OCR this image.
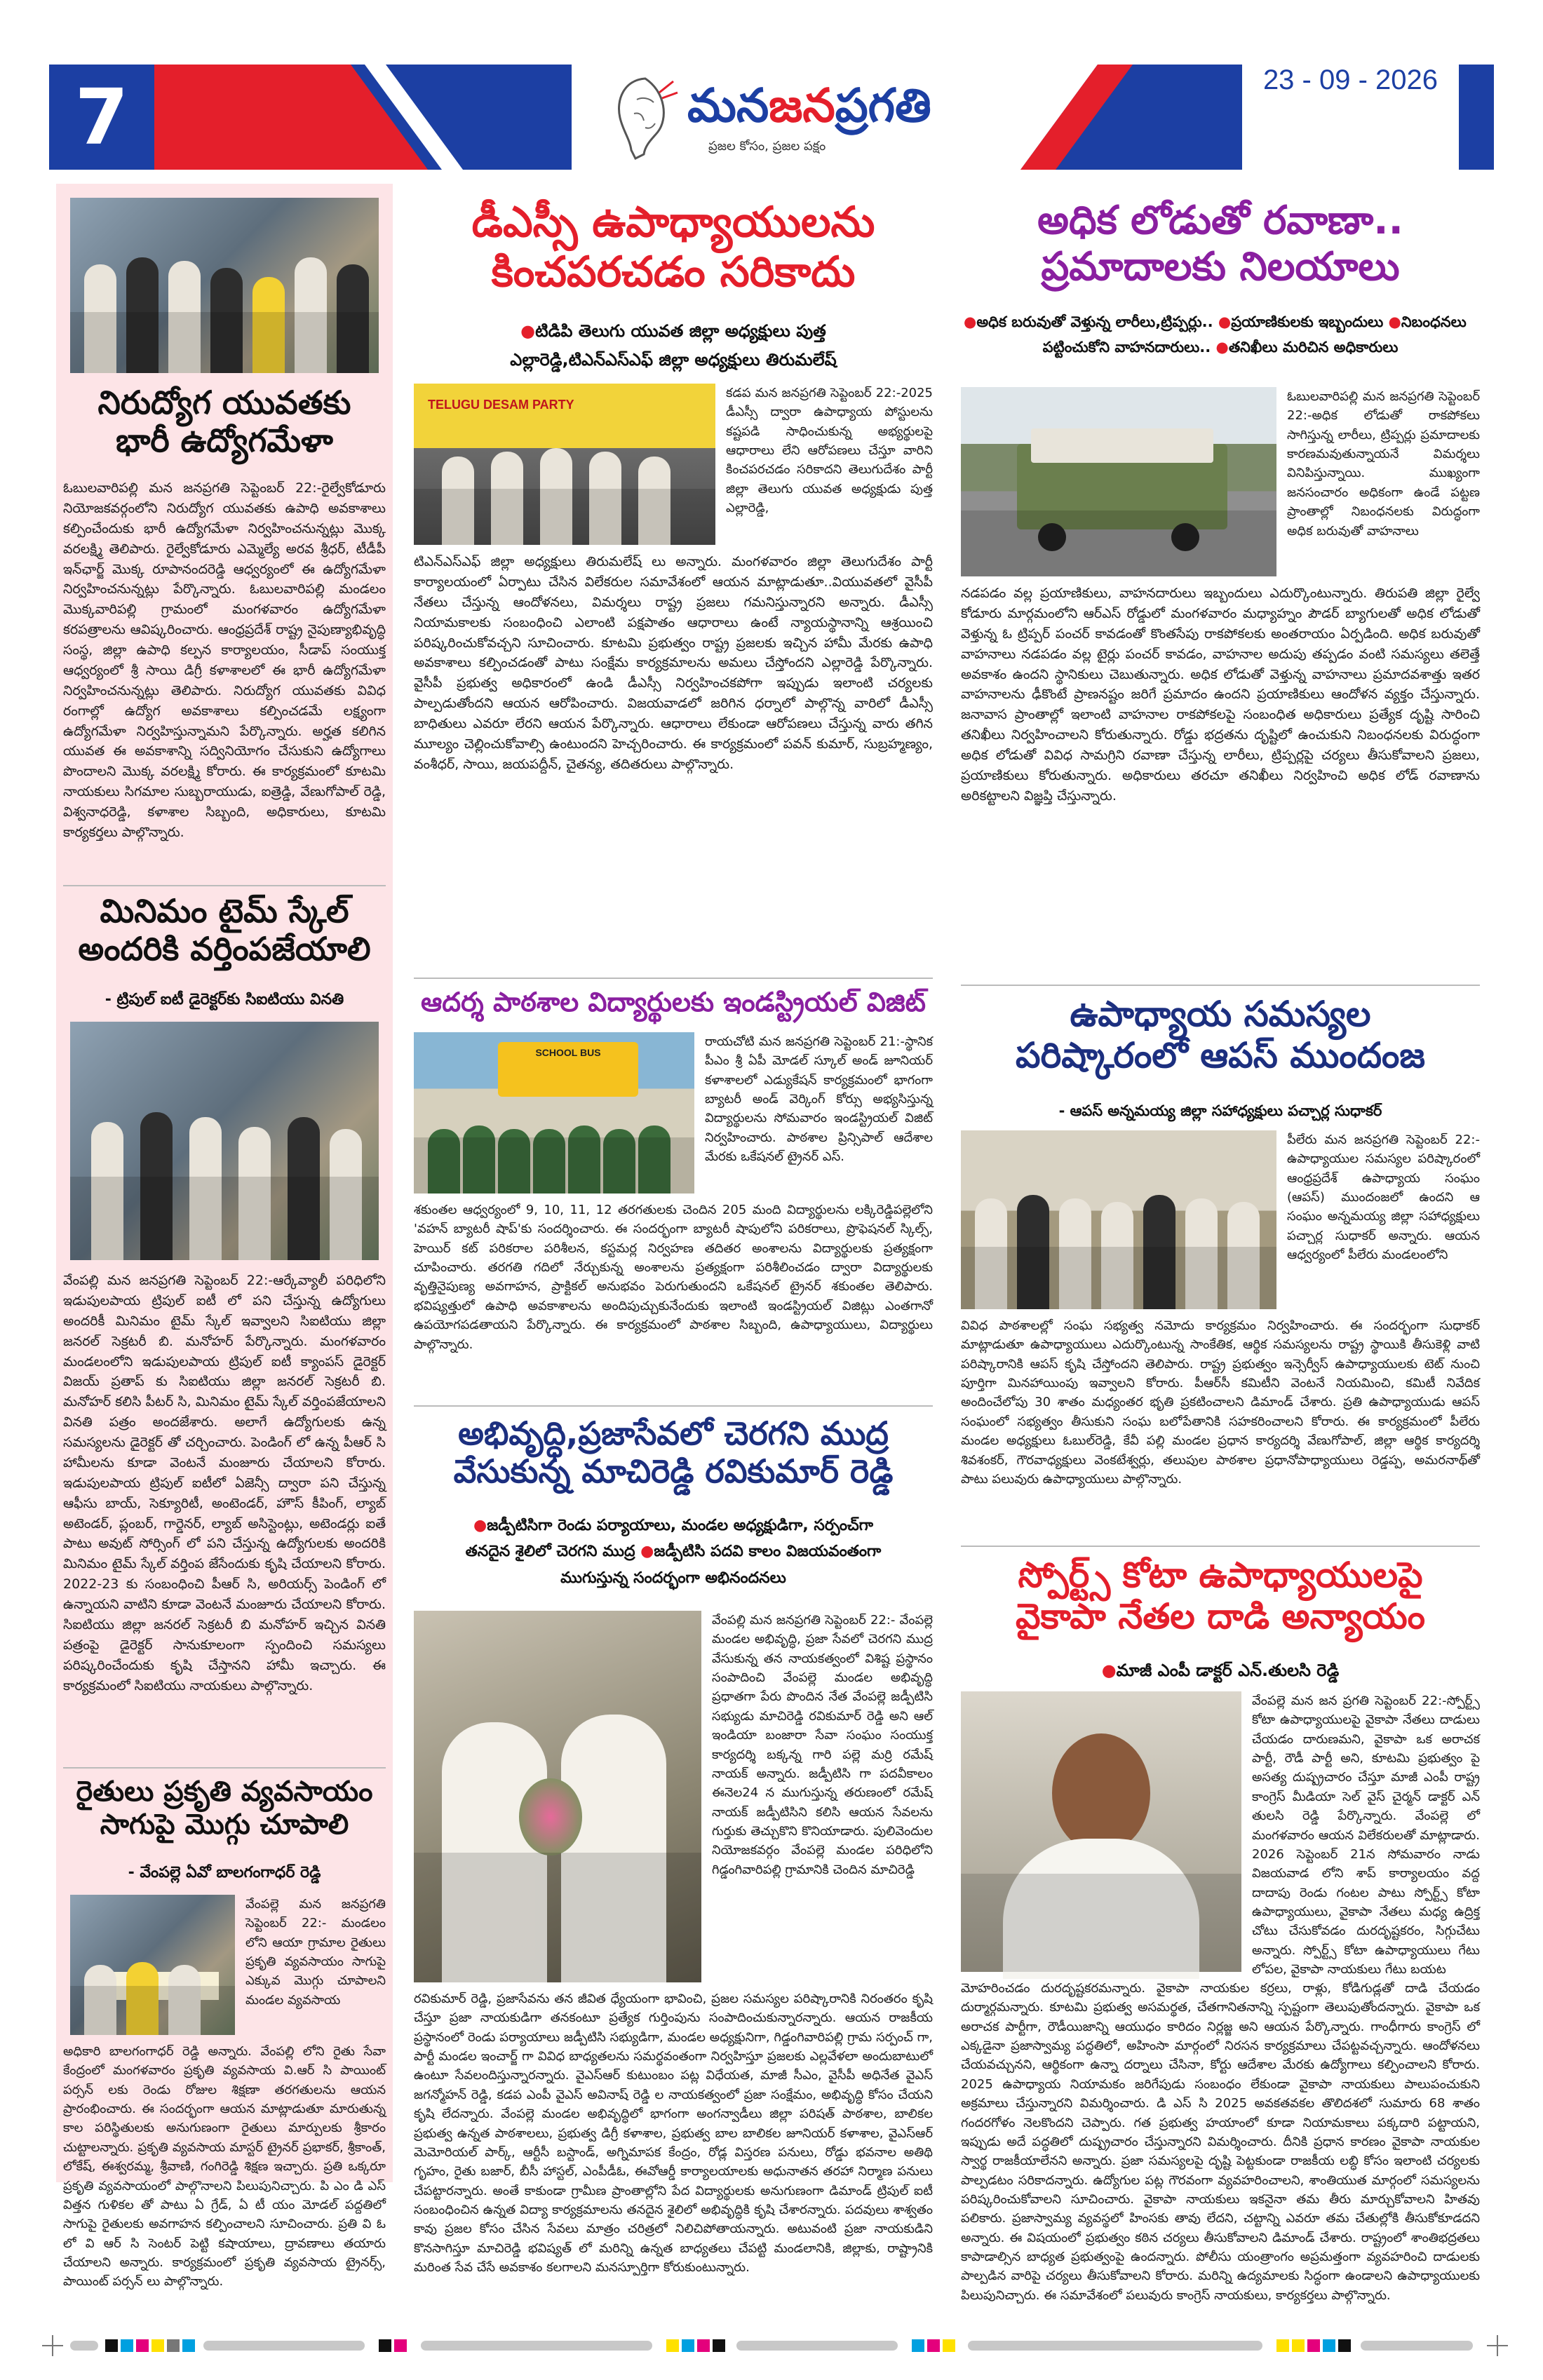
7	మనజనప్రగతి
ప్రజల కోసం, ప్రజల పక్షం
23 - 09 - 2026
నిరుద్యోగ యువతకు
భారీ ఉద్యోగమేళా
ఓబులవారిపల్లి మన జనప్రగతి సెప్టెంబర్ 22:-రైల్వేకోడూరు నియోజకవర్గంలోని నిరుద్యోగ యువతకు ఉపాధి అవకాశాలు కల్పించేందుకు భారీ ఉద్యోగమేళా నిర్వహించనున్నట్లు మొక్క వరలక్ష్మి తెలిపారు. రైల్వేకోడూరు ఎమ్మెల్యే అరవ శ్రీధర్, టీడీపీ ఇన్‌ఛార్జ్ మొక్క రూపానందరెడ్డి ఆధ్వర్యంలో ఈ ఉద్యోగమేళా నిర్వహించనున్నట్లు పేర్కొన్నారు. ఓబులవారిపల్లి మండలం మొక్కవారిపల్లి గ్రామంలో మంగళవారం ఉద్యోగమేళా కరపత్రాలను ఆవిష్కరించారు. ఆంధ్రప్రదేశ్ రాష్ట్ర నైపుణ్యాభివృద్ధి సంస్థ, జిల్లా ఉపాధి కల్పన కార్యాలయం, సీడాప్ సంయుక్త ఆధ్వర్యంలో శ్రీ సాయి డిగ్రీ కళాశాలలో ఈ భారీ ఉద్యోగమేళా నిర్వహించనున్నట్లు తెలిపారు. నిరుద్యోగ యువతకు వివిధ రంగాల్లో ఉద్యోగ అవకాశాలు కల్పించడమే లక్ష్యంగా ఉద్యోగమేళా నిర్వహిస్తున్నామని పేర్కొన్నారు. అర్హత కలిగిన యువత ఈ అవకాశాన్ని సద్వినియోగం చేసుకుని ఉద్యోగాలు పొందాలని మొక్క వరలక్ష్మి కోరారు. ఈ కార్యక్రమంలో కూటమి నాయకులు సిగమాల సుబ్బరాయుడు, ఐత్రెడ్డి, వేణుగోపాల్ రెడ్డి, విశ్వనాధరెడ్డి, కళాశాల సిబ్బంది, అధికారులు, కూటమి కార్యకర్తలు పాల్గొన్నారు.
మినిమం టైమ్ స్కేల్
అందరికి వర్తింపజేయాలి
- ట్రిపుల్ ఐటీ డైరెక్టర్‌కు సిఐటియు వినతి
వేంపల్లి మన జనప్రగతి సెప్టెంబర్ 22:-ఆర్కేవ్యాలీ పరిధిలోని ఇడుపులపాయ ట్రిపుల్ ఐటీ లో పని చేస్తున్న ఉద్యోగులు అందరికీ మినిమం టైమ్ స్కేల్ ఇవ్వాలని సిఐటియు జిల్లా జనరల్ సెక్రటరీ బి. మనోహర్ పేర్కొన్నారు. మంగళవారం మండలంలోని ఇడుపులపాయ ట్రిపుల్ ఐటీ క్యాంపస్ డైరెక్టర్ విజయ్ ప్రతాప్ కు సిఐటియు జిల్లా జనరల్ సెక్రటరీ బి. మనోహర్ కలిసి పీటర్ సి, మినిమం టైమ్ స్కేల్ వర్తింపజేయాలని వినతి పత్రం అందజేశారు. అలాగే ఉద్యోగులకు ఉన్న సమస్యలను డైరెక్టర్ తో చర్చించారు. పెండింగ్ లో ఉన్న పీఆర్ సి హామీలను కూడా వెంటనే మంజూరు చేయాలని కోరారు. ఇడుపులపాయ ట్రిపుల్ ఐటీలో ఏజెన్సీ ద్వారా పని చేస్తున్న ఆఫీసు బాయ్, సెక్యూరిటీ, అంటెండర్, హౌస్ కీపింగ్, ల్యాబ్ అటెండర్, ప్లంబర్, గార్డెనర్, ల్యాబ్ అసిస్టెంట్లు, అటెండర్లు ఐతే పాటు అవుట్ సోర్సింగ్ లో పని చేస్తున్న ఉద్యోగులకు అందరికి మినిమం టైమ్ స్కేల్ వర్తింప జేసేందుకు కృషి చేయాలని కోరారు. 2022-23 కు సంబంధించి పీఆర్ సి, అరియర్స్ పెండింగ్ లో ఉన్నాయని వాటిని కూడా వెంటనే మంజూరు చేయాలని కోరారు. సిఐటియు జిల్లా జనరల్ సెక్రటరీ బి మనోహర్ ఇచ్చిన వినతి పత్రంపై డైరెక్టర్ సానుకూలంగా స్పందించి సమస్యలు పరిష్కరించేందుకు కృషి చేస్తానని హామీ ఇచ్చారు. ఈ కార్యక్రమంలో సిఐటియు నాయకులు పాల్గొన్నారు.
రైతులు ప్రకృతి వ్యవసాయం
సాగుపై మొగ్గు చూపాలి
- వేంపల్లె ఏవో బాలగంగాధర్ రెడ్డి
వేంపల్లె మన జనప్రగతి సెప్టెంబర్ 22:- మండలం లోని ఆయా గ్రామాల రైతులు ప్రకృతి వ్యవసాయం సాగుపై ఎక్కువ మొగ్గు చూపాలని మండల వ్యవసాయ
అధికారి బాలగంగాధర్ రెడ్డి అన్నారు. వేంపల్లి లోని రైతు సేవా కేంద్రంలో మంగళవారం ప్రకృతి వ్యవసాయ వి.ఆర్ సి పాయింట్ పర్సన్ లకు రెండు రోజుల శిక్షణా తరగతులను ఆయన ప్రారంభించారు. ఈ సందర్భంగా ఆయన మాట్లాడుతూ మారుతున్న కాల పరిస్థితులకు అనుగుణంగా రైతులు మార్పులకు శ్రీకారం చుట్టాలన్నారు. ప్రకృతి వ్యవసాయ మాస్టర్ ట్రైనర్ ప్రభాకర్, శ్రీకాంత్, లోకేష్, ఈశ్వరమ్మ, శ్రీవాణి, గంగిరెడ్డి శిక్షణ ఇచ్చారు. ప్రతి ఒక్కరూ ప్రకృతి వ్యవసాయంలో పాల్గొనాలని పిలుపునిచ్చారు. పి ఎం డి ఎస్ విత్తన గుళికల తో పాటు ఏ గ్రేడ్, ఏ టీ యం మోడల్ పద్దతిలో సాగుపై రైతులకు అవగాహన కల్పించాలని సూచించారు. ప్రతి వి ఓ లో వి ఆర్ సి సెంటర్ పెట్టి కషాయాలు, ద్రావణాలు తయారు చేయాలని అన్నారు. కార్యక్రమంలో ప్రకృతి వ్యవసాయ ట్రైనర్స్, పాయింట్ పర్సన్ లు పాల్గొన్నారు.
డీఎస్సీ ఉపాధ్యాయులను
కించపరచడం సరికాదు
●టిడిపి తెలుగు యువత జిల్లా అధ్యక్షులు పుత్త
ఎల్లారెడ్డి,టిఎన్ఎస్ఎఫ్ జిల్లా అధ్యక్షులు తిరుమలేష్
TELUGU DESAM PARTY
కడప మన జనప్రగతి సెప్టెంబర్ 22:-2025 డీఎస్సీ ద్వారా ఉపాధ్యాయ పోస్టులను కష్టపడి సాధించుకున్న అభ్యర్థులపై ఆధారాలు లేని ఆరోపణలు చేస్తూ వారిని కించపరచడం సరికాదని తెలుగుదేశం పార్టీ జిల్లా తెలుగు యువత అధ్యక్షుడు పుత్త ఎల్లారెడ్డి,
టిఎన్ఎస్ఎఫ్ జిల్లా అధ్యక్షులు తిరుమలేష్ లు అన్నారు. మంగళవారం జిల్లా తెలుగుదేశం పార్టీ కార్యాలయంలో ఏర్పాటు చేసిన విలేకరుల సమావేశంలో ఆయన మాట్లాడుతూ..వియువతలో వైసీపీ నేతలు చేస్తున్న ఆందోళనలు, విమర్శలు రాష్ట్ర ప్రజలు గమనిస్తున్నారని అన్నారు. డీఎస్సీ నియామకాలకు సంబంధించి ఎలాంటి పక్షపాతం ఆధారాలు ఉంటే న్యాయస్థానాన్ని ఆశ్రయించి పరిష్కరించుకోవచ్చని సూచించారు. కూటమి ప్రభుత్వం రాష్ట్ర ప్రజలకు ఇచ్చిన హామీ మేరకు ఉపాధి అవకాశాలు కల్పించడంతో పాటు సంక్షేమ కార్యక్రమాలను అమలు చేస్తోందని ఎల్లారెడ్డి పేర్కొన్నారు. వైసీపీ ప్రభుత్వ అధికారంలో ఉండి డీఎస్సీ నిర్వహించకపోగా ఇప్పుడు ఇలాంటి చర్యలకు పాల్పడుతోందని ఆయన ఆరోపించారు. విజయవాడలో జరిగిన ధర్నాలో పాల్గొన్న వారిలో డీఎస్సీ బాధితులు ఎవరూ లేరని ఆయన పేర్కొన్నారు. ఆధారాలు లేకుండా ఆరోపణలు చేస్తున్న వారు తగిన మూల్యం చెల్లించుకోవాల్సి ఉంటుందని హెచ్చరించారు. ఈ కార్యక్రమంలో పవన్ కుమార్, సుబ్రహ్మణ్యం, వంశీధర్, సాయి, జయపద్దీన్, చైతన్య, తదితరులు పాల్గొన్నారు.
ఆదర్శ పాఠశాల విద్యార్థులకు ఇండస్ట్రియల్ విజిట్
SCHOOL BUS
రాయచోటి మన జనప్రగతి సెప్టెంబర్ 21:-స్థానిక పీఎం శ్రీ ఏపీ మోడల్ స్కూల్ అండ్ జూనియర్ కళాశాలలో ఎడ్యుకేషన్ కార్యక్రమంలో భాగంగా బ్యాటరీ అండ్ వెర్కింగ్ కోర్సు అభ్యసిస్తున్న విద్యార్థులను సోమవారం ఇండస్ట్రియల్ విజిట్ నిర్వహించారు. పాఠశాల ప్రిన్సిపాల్ ఆదేశాల మేరకు ఒకేషనల్ ట్రైనర్ ఎస్.
శకుంతల ఆధ్వర్యంలో 9, 10, 11, 12 తరగతులకు చెందిన 205 మంది విద్యార్థులను లక్కిరెడ్డిపల్లెలోని 'వహన్ బ్యాటరీ షాప్'కు సందర్శించారు. ఈ సందర్భంగా బ్యాటరీ షాపులోని పరికరాలు, ప్రొఫెషనల్ స్కిల్స్, హెయిర్ కట్ పరికరాల పరిశీలన, కస్టమర్ల నిర్వహణ తదితర అంశాలను విద్యార్థులకు ప్రత్యక్షంగా చూపించారు. తరగతి గదిలో నేర్చుకున్న అంశాలను ప్రత్యక్షంగా పరిశీలించడం ద్వారా విద్యార్థులకు వృత్తినైపుణ్య అవగాహన, ప్రాక్టికల్ అనుభవం పెరుగుతుందని ఒకేషనల్ ట్రైనర్ శకుంతల తెలిపారు. భవిష్యత్తులో ఉపాధి అవకాశాలను అందిపుచ్చుకునేందుకు ఇలాంటి ఇండస్ట్రియల్ విజిట్లు ఎంతగానో ఉపయోగపడతాయని పేర్కొన్నారు. ఈ కార్యక్రమంలో పాఠశాల సిబ్బంది, ఉపాధ్యాయులు, విద్యార్థులు పాల్గొన్నారు.
అభివృద్ధి,ప్రజాసేవలో చెరగని ముద్ర
వేసుకున్న మాచిరెడ్డి రవికుమార్ రెడ్డి
●జడ్పీటిసిగా రెండు పర్యాయాలు, మండల అధ్యక్షుడిగా, సర్పంచ్‌గా
తనదైన శైలిలో చెరగని ముద్ర ●జడ్పీటిసి పదవి కాలం విజయవంతంగా
ముగుస్తున్న సందర్భంగా అభినందనలు
వేంపల్లి మన జనప్రగతి సెప్టెంబర్ 22:- వేంపల్లె మండల అభివృద్ధి, ప్రజా సేవలో చెరగని ముద్ర వేసుకున్న తన నాయకత్వంలో విశిష్ట ప్రస్థానం సంపాదించి వేంపల్లె మండల అభివృద్ధి ప్రధాతగా పేరు పొందిన నేత వేంపల్లె జడ్పీటిసి సభ్యుడు మాచిరెడ్డి రవికుమార్ రెడ్డి అని ఆల్ ఇండియా బంజారా సేవా సంఘం సంయుక్త కార్యదర్శి బక్కన్న గారి పల్లె మర్రి రమేష్ నాయక్ అన్నారు. జడ్పీటిసి గా పదవీకాలం ఈనెల24 న ముగుస్తున్న తరుణంలో రమేష్ నాయక్ జడ్పీటిసిని కలిసి ఆయన సేవలను గుర్తుకు తెచ్చుకొని కొనియాడారు. పులివెందుల నియోజకవర్గం వేంపల్లె మండల పరిధిలోని గిడ్డంగివారిపల్లి గ్రామానికి చెందిన మాచిరెడ్డి
రవికుమార్ రెడ్డి, ప్రజాసేవను తన జీవిత ధ్యేయంగా భావించి, ప్రజల సమస్యల పరిష్కారానికి నిరంతరం కృషి చేస్తూ ప్రజా నాయకుడిగా తనకంటూ ప్రత్యేక గుర్తింపును సంపాదించుకున్నారన్నారు. ఆయన రాజకీయ ప్రస్థానంలో రెండు పర్యాయాలు జడ్పీటిసి సభ్యుడిగా, మండల అధ్యక్షునిగా, గిడ్డంగివారిపల్లి గ్రామ సర్పంచ్ గా, పార్టీ మండల ఇంచార్జ్ గా వివిధ బాధ్యతలను సమర్థవంతంగా నిర్వహిస్తూ ప్రజలకు ఎల్లవేళలా అందుబాటులో ఉంటూ సేవలందిస్తున్నారన్నారు. వైఎస్ఆర్ కుటుంబం పట్ల విధేయత, మాజీ సీఎం, వైసీపీ అధినేత వైఎస్ జగన్మోహన్ రెడ్డి, కడప ఎంపీ వైఎస్ అవినాష్ రెడ్డి ల నాయకత్వంలో ప్రజా సంక్షేమం, అభివృద్ధి కోసం చేయని కృషి లేదన్నారు. వేంపల్లె మండల అభివృద్ధిలో భాగంగా అంగన్వాడీలు జిల్లా పరిషత్ పాఠశాల, బాలికల ప్రభుత్వ ఉన్నత పాఠశాలలు, ప్రభుత్వ డిగ్రీ కళాశాల, ప్రభుత్వ బాల బాలికల జూనియర్ కళాశాల, వైఎస్ఆర్ మెమోరియల్ పార్క్, ఆర్టీసీ బస్టాండ్, అగ్నిమాపక కేంద్రం, రోడ్ల విస్తరణ పనులు, రోడ్డు భవనాల అతిథి గృహం, రైతు బజార్, బీసీ హాస్టల్, ఎంపీడీఓ, ఈవోఆర్డీ కార్యాలయాలకు అధునాతన తరహా నిర్మాణ పనులు చేపట్టారన్నారు. అంతే కాకుండా గ్రామీణ ప్రాంతాల్లోని పేద విద్యార్థులకు అనుగుణంగా డిమాండ్ ట్రిపుల్ ఐటీ సంబంధించిన ఉన్నత విద్యా కార్యక్రమాలను తనదైన శైలిలో అభివృద్ధికి కృషి చేశారన్నారు. పదవులు శాశ్వతం కావు ప్రజల కోసం చేసిన సేవలు మాత్రం చరిత్రలో నిలిచిపోతాయన్నారు. అటువంటి ప్రజా నాయకుడిని కొనసాగిస్తూ మాచిరెడ్డి భవిష్యత్ లో మరిన్ని ఉన్నత బాధ్యతలు చేపట్టి మండలానికి, జిల్లాకు, రాష్ట్రానికి మరింత సేవ చేసే అవకాశం కలగాలని మనస్పూర్తిగా కోరుకుంటున్నారు.
అధిక లోడుతో రవాణా..
ప్రమాదాలకు నిలయాలు
●అధిక బరువుతో వెళ్తున్న లారీలు,ట్రిప్పర్లు.. ●ప్రయాణికులకు ఇబ్బందులు ●నిబంధనలు
పట్టించుకోని వాహనదారులు.. ●తనిఖీలు మరిచిన అధికారులు
ఓబులవారిపల్లి మన జనప్రగతి సెప్టెంబర్ 22:-అధిక లోడుతో రాకపోకలు సాగిస్తున్న లారీలు, ట్రిప్పర్లు ప్రమాదాలకు కారణమవుతున్నాయనే విమర్శలు వినిపిస్తున్నాయి. ముఖ్యంగా జనసంచారం అధికంగా ఉండే పట్టణ ప్రాంతాల్లో నిబంధనలకు విరుద్ధంగా అధిక బరువుతో వాహనాలు
నడపడం వల్ల ప్రయాణికులు, వాహనదారులు ఇబ్బందులు ఎదుర్కొంటున్నారు. తిరుపతి జిల్లా రైల్వే కోడూరు మార్గమంలోని ఆర్ఎస్ రోడ్డులో మంగళవారం మధ్యాహ్నం పౌడర్ బ్యాగులతో అధిక లోడుతో వెళ్తున్న ఓ ట్రిప్పర్ పంచర్ కావడంతో కొంతసేపు రాకపోకలకు అంతరాయం ఏర్పడింది. అధిక బరువుతో వాహనాలు నడపడం వల్ల టైర్లు పంచర్ కావడం, వాహనాల అదుపు తప్పడం వంటి సమస్యలు తలెత్తే అవకాశం ఉందని స్థానికులు చెబుతున్నారు. అధిక లోడుతో వెళ్తున్న వాహనాలు ప్రమాదవశాత్తు ఇతర వాహనాలను ఢీకొంటే ప్రాణనష్టం జరిగే ప్రమాదం ఉందని ప్రయాణికులు ఆందోళన వ్యక్తం చేస్తున్నారు. జనావాస ప్రాంతాల్లో ఇలాంటి వాహనాల రాకపోకలపై సంబంధిత అధికారులు ప్రత్యేక దృష్టి సారించి తనిఖీలు నిర్వహించాలని కోరుతున్నారు. రోడ్డు భద్రతను దృష్టిలో ఉంచుకుని నిబంధనలకు విరుద్ధంగా అధిక లోడుతో వివిధ సామగ్రిని రవాణా చేస్తున్న లారీలు, ట్రిప్పర్లపై చర్యలు తీసుకోవాలని ప్రజలు, ప్రయాణికులు కోరుతున్నారు. అధికారులు తరచూ తనిఖీలు నిర్వహించి అధిక లోడ్ రవాణాను అరికట్టాలని విజ్ఞప్తి చేస్తున్నారు.
ఉపాధ్యాయ సమస్యల
పరిష్కారంలో ఆపస్ ముందంజ
- ఆపస్ అన్నమయ్య జిల్లా సహాధ్యక్షులు పచ్చార్ల సుధాకర్
పీలేరు మన జనప్రగతి సెప్టెంబర్ 22:-ఉపాధ్యాయుల సమస్యల పరిష్కారంలో ఆంధ్రప్రదేశ్ ఉపాధ్యాయ సంఘం (ఆపస్) ముందంజలో ఉందని ఆ సంఘం అన్నమయ్య జిల్లా సహాధ్యక్షులు పచ్చార్ల సుధాకర్ అన్నారు. ఆయన ఆధ్వర్యంలో పీలేరు మండలంలోని
వివిధ పాఠశాలల్లో సంఘ సభ్యత్వ నమోదు కార్యక్రమం నిర్వహించారు. ఈ సందర్భంగా సుధాకర్ మాట్లాడుతూ ఉపాధ్యాయులు ఎదుర్కొంటున్న సాంకేతిక, ఆర్థిక సమస్యలను రాష్ట్ర స్థాయికి తీసుకెళ్లి వాటి పరిష్కారానికి ఆపస్ కృషి చేస్తోందని తెలిపారు. రాష్ట్ర ప్రభుత్వం ఇన్సెర్వీస్ ఉపాధ్యాయులకు టెట్ నుంచి పూర్తిగా మినహాయింపు ఇవ్వాలని కోరారు. పీఆర్‌సీ కమిటీని వెంటనే నియమించి, కమిటీ నివేదిక అందించేలోపు 30 శాతం మధ్యంతర భృతి ప్రకటించాలని డిమాండ్ చేశారు. ప్రతి ఉపాధ్యాయుడు ఆపస్ సంఘంలో సభ్యత్వం తీసుకుని సంఘ బలోపేతానికి సహకరించాలని కోరారు. ఈ కార్యక్రమంలో పీలేరు మండల అధ్యక్షులు ఓబుల్‌రెడ్డి, కేవీ పల్లి మండల ప్రధాన కార్యదర్శి వేణుగోపాల్, జిల్లా ఆర్థిక కార్యదర్శి శివశంకర్, గౌరవాధ్యక్షులు వెంకటేశ్వర్లు, తలుపుల పాఠశాల ప్రధానోపాధ్యాయులు రెడ్డప్ప, అమరనాథ్‌తో పాటు పలువురు ఉపాధ్యాయులు పాల్గొన్నారు.
స్పోర్ట్స్ కోటా ఉపాధ్యాయులపై
వైకాపా నేతల దాడి అన్యాయం
●మాజీ ఎంపీ డాక్టర్ ఎన్.తులసి రెడ్డి
వేంపల్లె మన జన ప్రగతి సెప్టెంబర్ 22:-స్పోర్ట్స్ కోటా ఉపాధ్యాయులపై వైకాపా నేతలు దాడులు చేయడం దారుణమని, వైకాపా ఒక అరాచక పార్టీ, రౌడీ పార్టీ అని, కూటమి ప్రభుత్వం పై అసత్య దుష్ప్రచారం చేస్తూ మాజీ ఎంపీ రాష్ట్ర కాంగ్రెస్ మీడియా సెల్ వైస్ చైర్మన్ డాక్టర్ ఎన్ తులసి రెడ్డి పేర్కొన్నారు. వేంపల్లె లో మంగళవారం ఆయన విలేకరులతో మాట్లాడారు. 2026 సెప్టెంబర్ 21న సోమవారం నాడు విజయవాడ లోని శాప్ కార్యాలయం వద్ద దాదాపు రెండు గంటల పాటు స్పోర్ట్స్ కోటా ఉపాధ్యాయులు, వైకాపా నేతలు మధ్య ఉద్రిక్త చోటు చేసుకోవడం దురదృష్టకరం, సిగ్గుచేటు అన్నారు. స్పోర్ట్స్ కోటా ఉపాధ్యాయులు గేటు లోపల, వైకాపా నాయకులు గేటు బయట
మోహరించడం దురదృష్టకరమన్నారు. వైకాపా నాయకుల కర్రలు, రాళ్లు, కోడిగుడ్లతో దాడి చేయడం దుర్మార్గమన్నారు. కూటమి ప్రభుత్వ అసమర్థత, చేతగానితనాన్ని స్పష్టంగా తెలుపుతోందన్నారు. వైకాపా ఒక అరాచక పార్టీగా, రౌడీయిజాన్ని ఆయుధం కారిదం నిర్లజ్జ అని ఆయన పేర్కొన్నారు. గాంధీగారు కాంగ్రెస్ లో ఎక్కడైనా ప్రజాస్వామ్య పద్ధతిలో, అహింసా మార్గంలో నిరసన కార్యక్రమాలు చేపట్టవచ్చన్నారు. ఆందోళనలు చేయవచ్చునని, ఆర్థికంగా ఉన్నా దర్నాలు చేసినా, కోర్టు ఆదేశాల మేరకు ఉద్యోగాలు కల్పించాలని కోరారు. 2025 ఉపాధ్యాయ నియామకం జరిగేపుడు సంబంధం లేకుండా వైకాపా నాయకులు పాలుపంచుకుని అక్రమాలు చేస్తున్నారని విమర్శించారు. డి ఎస్ సి 2025 అవకతవకల తొలిదశలో సుమారు 68 శాతం గందరగోళం నెలకొందని చెప్పారు. గత ప్రభుత్వ హయాంలో కూడా నియామకాలు పక్కదారి పట్టాయని, ఇప్పుడు అదే పద్ధతిలో దుష్ప్రచారం చేస్తున్నారని విమర్శించారు. దీనికి ప్రధాన కారణం వైకాపా నాయకుల స్వార్థ రాజకీయాలేనని అన్నారు. ప్రజా సమస్యలపై దృష్టి పెట్టకుండా రాజకీయ లబ్ధి కోసం ఇలాంటి చర్యలకు పాల్పడటం సరికాదన్నారు. ఉద్యోగుల పట్ల గౌరవంగా వ్యవహరించాలని, శాంతియుత మార్గంలో సమస్యలను పరిష్కరించుకోవాలని సూచించారు. వైకాపా నాయకులు ఇకనైనా తమ తీరు మార్చుకోవాలని హితవు పలికారు. ప్రజాస్వామ్య వ్యవస్థలో హింసకు తావు లేదని, చట్టాన్ని ఎవరూ తమ చేతుల్లోకి తీసుకోకూడదని అన్నారు. ఈ విషయంలో ప్రభుత్వం కఠిన చర్యలు తీసుకోవాలని డిమాండ్ చేశారు. రాష్ట్రంలో శాంతిభద్రతలు కాపాడాల్సిన బాధ్యత ప్రభుత్వంపై ఉందన్నారు. పోలీసు యంత్రాంగం అప్రమత్తంగా వ్యవహరించి దాడులకు పాల్పడిన వారిపై చర్యలు తీసుకోవాలని కోరారు. మరిన్ని ఉద్యమాలకు సిద్ధంగా ఉండాలని ఉపాధ్యాయులకు పిలుపునిచ్చారు. ఈ సమావేశంలో పలువురు కాంగ్రెస్ నాయకులు, కార్యకర్తలు పాల్గొన్నారు.
